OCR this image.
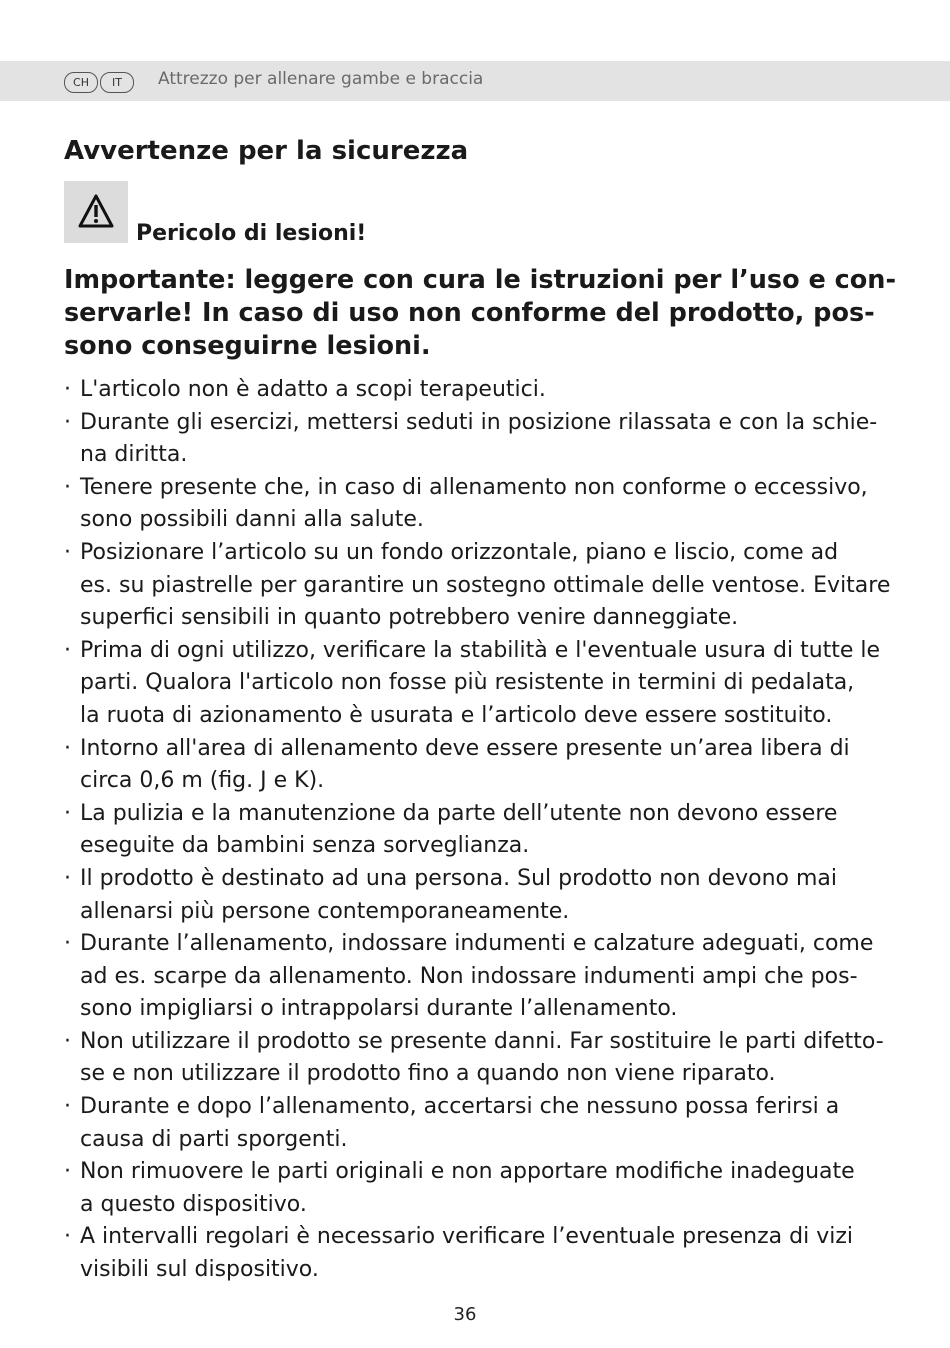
CH	IT	Attrezzo per allenare gambe e braccia
Avvertenze per la sicurezza
Pericolo di lesioni!
Importante: leggere con cura le istruzioni per l’uso e con-
servarle! In caso di uso non conforme del prodotto, pos-
sono conseguirne lesioni.
· L'articolo non è adatto a scopi terapeutici.
· Durante gli esercizi, mettersi seduti in posizione rilassata e con la schie-
na diritta.
· Tenere presente che, in caso di allenamento non conforme o eccessivo,
sono possibili danni alla salute.
· Posizionare l’articolo su un fondo orizzontale, piano e liscio, come ad
es. su piastrelle per garantire un sostegno ottimale delle ventose. Evitare
superfici sensibili in quanto potrebbero venire danneggiate.
· Prima di ogni utilizzo, verificare la stabilità e l'eventuale usura di tutte le
parti. Qualora l'articolo non fosse più resistente in termini di pedalata,
la ruota di azionamento è usurata e l’articolo deve essere sostituito.
· Intorno all'area di allenamento deve essere presente un’area libera di
circa 0,6 m (fig. J e K).
· La pulizia e la manutenzione da parte dell’utente non devono essere
eseguite da bambini senza sorveglianza.
· Il prodotto è destinato ad una persona. Sul prodotto non devono mai
allenarsi più persone contemporaneamente.
· Durante l’allenamento, indossare indumenti e calzature adeguati, come
ad es. scarpe da allenamento. Non indossare indumenti ampi che pos-
sono impigliarsi o intrappolarsi durante l’allenamento.
· Non utilizzare il prodotto se presente danni. Far sostituire le parti difetto-
se e non utilizzare il prodotto fino a quando non viene riparato.
· Durante e dopo l’allenamento, accertarsi che nessuno possa ferirsi a
causa di parti sporgenti.
· Non rimuovere le parti originali e non apportare modifiche inadeguate
a questo dispositivo.
· A intervalli regolari è necessario verificare l’eventuale presenza di vizi
visibili sul dispositivo.
36
